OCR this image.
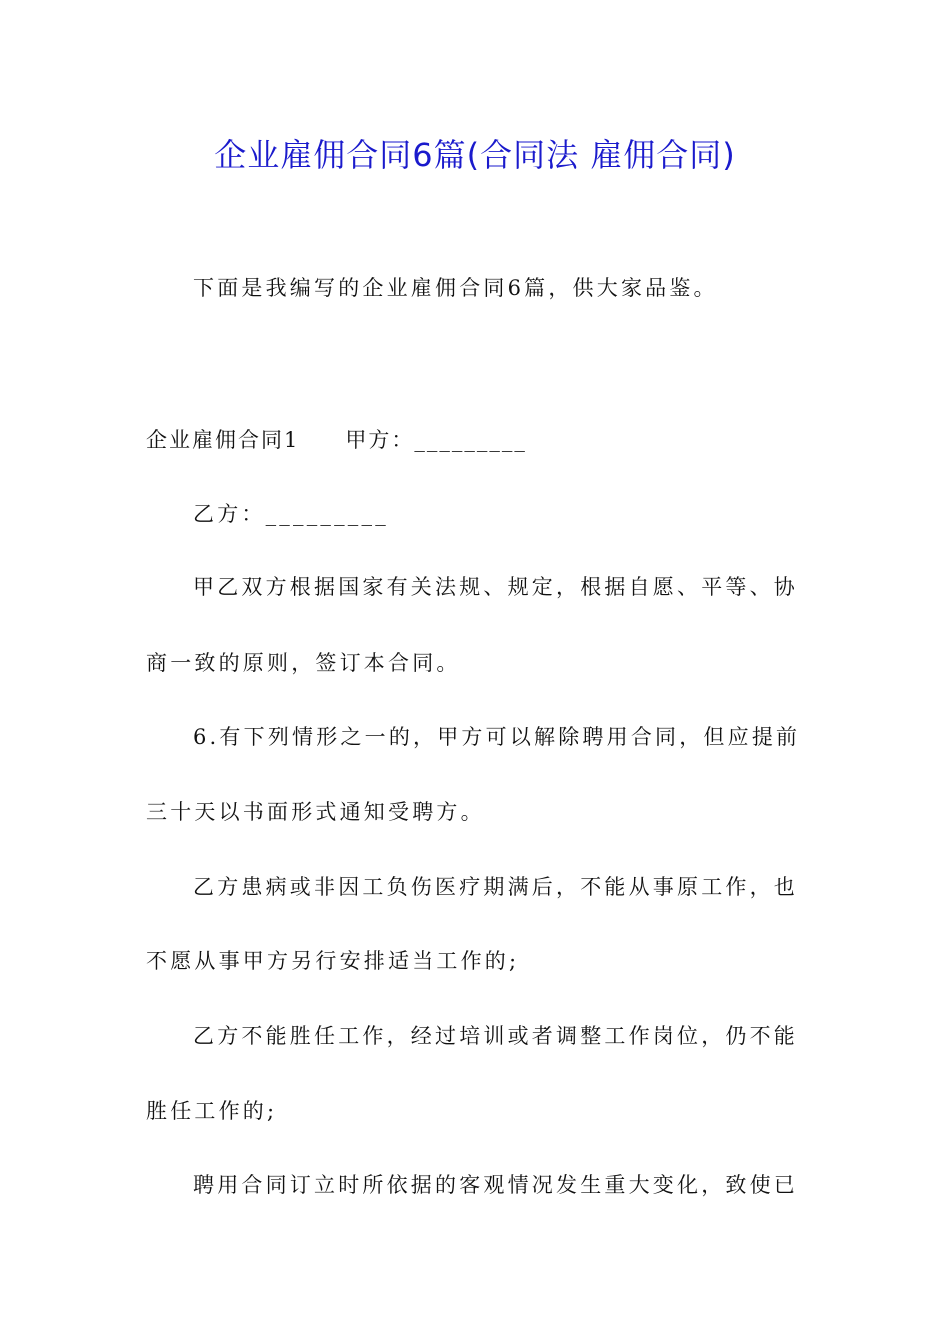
企业雇佣合同6篇(合同法 雇佣合同)

下面是我编写的企业雇佣合同6篇，供大家品鉴。

企业雇佣合同1 甲方：_________

乙方：_________

甲乙双方根据国家有关法规、规定，根据自愿、平等、协

商一致的原则，签订本合同。

6.有下列情形之一的，甲方可以解除聘用合同，但应提前

三十天以书面形式通知受聘方。

乙方患病或非因工负伤医疗期满后，不能从事原工作，也

不愿从事甲方另行安排适当工作的;

乙方不能胜任工作，经过培训或者调整工作岗位，仍不能

胜任工作的;

聘用合同订立时所依据的客观情况发生重大变化，致使已
